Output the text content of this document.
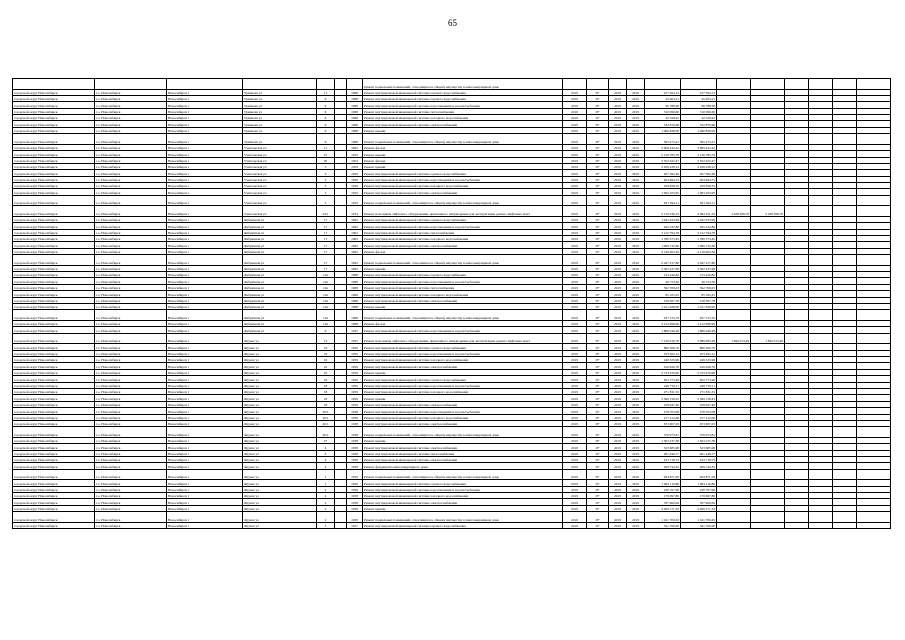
65
							Ремонт подвальных помещений, относящихся к общему имуществу в многоквартирном доме												
городской округ Новосибирск	г.о. Новосибирск	Новосибирск г	Урманова ул	11		1968	Ремонт внутридомовой инженерной системы горячего водоснабжения	2019	II*	2019	2019	917 564,13	917 564,13						
городской округ Новосибирск	г.о. Новосибирск	Новосибирск г	Урманова ул	6		1968	Ремонт внутридомовой инженерной системы горячего водоснабжения	2019	II*	2019	2019	45 903,21	45 903,21						
городской округ Новосибирск	г.о. Новосибирск	Новосибирск г	Урманова ул	6		1968	Ремонт внутридомовой инженерной системы водоотведения и водопотребления	2019	II*	2019	2019	96 788,28	96 788,28						
городской округ Новосибирск	г.о. Новосибирск	Новосибирск г	Урманова ул	6		1968	Ремонт внутридомовой инженерной системы теплоснабжения	2019	II*	2019	2019	310 099,60	310 099,60						
городской округ Новосибирск	г.о. Новосибирск	Новосибирск г	Урманова ул	6		1968	Ремонт внутридомовой инженерной системы холодного водоснабжения	2019	II*	2019	2019	42 528,42	42 528,42						
городской округ Новосибирск	г.о. Новосибирск	Новосибирск г	Урманова ул	6		1968	Ремонт внутридомовой инженерной системы электроснабжения	2019	II*	2019	2019	332 879,68	332 879,68						
городской округ Новосибирск	г.о. Новосибирск	Новосибирск г	Урманова ул	6		1968	Ремонт крыши	2019	II*	2019	2019	1 960 828,09	1 960 828,09						
городской округ Новосибирск	г.о. Новосибирск	Новосибирск г	Урманова ул	6		1968	Ремонт подвальных помещений, относящихся к общему имуществу в многоквартирном доме	2019	II*	2019	2019	395 473,41	395 473,41						
городской округ Новосибирск	г.о. Новосибирск	Новосибирск г	Учительская ул	11		1962	Ремонт фасада	2019	II*	2019	2019	3 609 432,42	3 609 432,42						
городской округ Новосибирск	г.о. Новосибирск	Новосибирск г	Учительская ул	23		1959	Ремонт крыши	2019	II*	2019	2019	2 130 785,79	2 130 785,79						
городской округ Новосибирск	г.о. Новосибирск	Новосибирск г	Учительская ул	20		1954	Ремонт фасада	2019	II*	2019	2019	3 352 025,47	3 352 025,47						
городской округ Новосибирск	г.о. Новосибирск	Новосибирск г	Учительская ул	3		1959	Ремонт крыши	2019	II*	2019	2019	2 456 228,12	2 456 228,12						
городской округ Новосибирск	г.о. Новосибирск	Новосибирск г	Учительская ул	3		1959	Ремонт внутридомовой инженерной системы горячего водоснабжения	2019	II*	2019	2019	207 362,46	207 362,46						
городской округ Новосибирск	г.о. Новосибирск	Новосибирск г	Учительская ул	3		1959	Ремонт внутридомовой инженерной системы водоотведения и водопотребления	2019	II*	2019	2019	404 694,75	404 694,75						
городской округ Новосибирск	г.о. Новосибирск	Новосибирск г	Учительская ул	3		1959	Ремонт внутридомовой инженерной системы холодного водоснабжения	2019	II*	2019	2019	259 658,35	259 658,35						
городской округ Новосибирск	г.о. Новосибирск	Новосибирск г	Учительская ул	3		1959	Ремонт внутридомовой инженерной системы электроснабжения	2019	II*	2019	2019	1 063 103,95	1 063 103,95						
городской округ Новосибирск	г.о. Новосибирск	Новосибирск г	Учительская ул	3		1959	Ремонт подвальных помещений, относящихся к общему имуществу в многоквартирном доме	2019	II*	2019	2019	631 594,11	631 594,11						
городской округ Новосибирск	г.о. Новосибирск	Новосибирск г	Учительская ул	24/1		1974	Ремонт или замена лифтового оборудования, признанного непригодным для эксплуатации, ремонт лифтовых шахт	2019	II*	2019	2019	5 170 236,13	4 692 011,34	2 428 308,79	2 428 308,79				
городской округ Новосибирск	г.о. Новосибирск	Новосибирск г	Фабричная ул	17		1962	Ремонт внутридомовой инженерной системы горячего водоснабжения	2019	II*	2019	2019	1 041 933,99	1 041 933,99						
городской округ Новосибирск	г.о. Новосибирск	Новосибирск г	Фабричная ул	17		1962	Ремонт внутридомовой инженерной системы водоотведения и водопотребления	2019	II*	2019	2019	945 332,86	945 332,86						
городской округ Новосибирск	г.о. Новосибирск	Новосибирск г	Фабричная ул	17		1962	Ремонт внутридомовой инженерной системы теплоснабжения	2019	II*	2019	2019	3 212 794,78	3 212 794,78						
городской округ Новосибирск	г.о. Новосибирск	Новосибирск г	Фабричная ул	17		1962	Ремонт внутридомовой инженерной системы холодного водоснабжения	2019	II*	2019	2019	1 780 373,45	1 780 373,45						
городской округ Новосибирск	г.о. Новосибирск	Новосибирск г	Фабричная ул	17		1962	Ремонт внутридомовой инженерной системы электроснабжения	2019	II*	2019	2019	1 999 132,66	1 999 132,66						
городской округ Новосибирск	г.о. Новосибирск	Новосибирск г	Фабричная ул	17		1962	Ремонт фасада	2019	II*	2019	2019	4 136 903,36	4 136 903,36						
городской округ Новосибирск	г.о. Новосибирск	Новосибирск г	Фабричная ул	17		1962	Ремонт подвальных помещений, относящихся к общему имуществу в многоквартирном доме	2019	II*	2019	2019	2 047 417,86	2 047 417,86						
городской округ Новосибирск	г.о. Новосибирск	Новосибирск г	Фабричная ул	17		1962	Ремонт крыши	2019	II*	2019	2019	3 302 437,69	3 302 437,69						
городской округ Новосибирск	г.о. Новосибирск	Новосибирск г	Фабричная ул	19а		1968	Ремонт внутридомовой инженерной системы горячего водоснабжения	2019	II*	2019	2019	153 426,82	153 426,82						
городской округ Новосибирск	г.о. Новосибирск	Новосибирск г	Фабричная ул	19а		1968	Ремонт внутридомовой инженерной системы водоотведения и водопотребления	2019	II*	2019	2019	49 753,56	49 753,56						
городской округ Новосибирск	г.о. Новосибирск	Новосибирск г	Фабричная ул	19а		1968	Ремонт внутридомовой инженерной системы теплоснабжения	2019	II*	2019	2019	392 709,03	392 709,03						
городской округ Новосибирск	г.о. Новосибирск	Новосибирск г	Фабричная ул	19а		1968	Ремонт внутридомовой инженерной системы холодного водоснабжения	2019	II*	2019	2019	85 165,25	85 165,25						
городской округ Новосибирск	г.о. Новосибирск	Новосибирск г	Фабричная ул	19а		1968	Ремонт внутридомовой инженерной системы электроснабжения	2019	II*	2019	2019	218 367,78	218 367,78						
городской округ Новосибирск	г.о. Новосибирск	Новосибирск г	Фабричная ул	19а		1968	Ремонт крыши	2019	II*	2019	2019	1 101 628,96	1 101 628,96						
городской округ Новосибирск	г.о. Новосибирск	Новосибирск г	Фабричная ул	19а		1968	Ремонт подвальных помещений, относящихся к общему имуществу в многоквартирном доме	2019	II*	2019	2019	937 313,79	937 313,79						
городской округ Новосибирск	г.о. Новосибирск	Новосибирск г	Фабричная ул	19а		1968	Ремонт фасада	2019	II*	2019	2019	3 212 998,96	3 212 998,96						
городской округ Новосибирск	г.о. Новосибирск	Новосибирск г	Фабричная ул	6		1935	Ремонт внутридомовой инженерной системы водоотведения и водопотребления	2019	II*	2019	2019	1 866 046,48	1 866 046,48						
городской округ Новосибирск	г.о. Новосибирск	Новосибирск г	Фрунзе ул	12		1955	Ремонт или замена лифтового оборудования, признанного непригодным для эксплуатации, ремонт лифтовых шахт	2019	II*	2019	2019	7 120 016,78	3 989 083,28	1 842 013,49	1 842 013,49				
городской округ Новосибирск	г.о. Новосибирск	Новосибирск г	Фрунзе ул	16		1959	Ремонт внутридомовой инженерной системы горячего водоснабжения	2019	II*	2019	2019	890 366,76	890 366,76						
городской округ Новосибирск	г.о. Новосибирск	Новосибирск г	Фрунзе ул	16		1959	Ремонт внутридомовой инженерной системы водоотведения и водопотребления	2019	II*	2019	2019	453 362,12	453 362,12						
городской округ Новосибирск	г.о. Новосибирск	Новосибирск г	Фрунзе ул	16		1959	Ремонт внутридомовой инженерной системы холодного водоснабжения	2019	II*	2019	2019	249 325,96	249 325,96						
городской округ Новосибирск	г.о. Новосибирск	Новосибирск г	Фрунзе ул	16		1959	Ремонт внутридомовой инженерной системы электроснабжения	2019	II*	2019	2019	616 626,76	616 626,76						
городской округ Новосибирск	г.о. Новосибирск	Новосибирск г	Фрунзе ул	16		1959	Ремонт крыши	2019	II*	2019	2019	3 723 476,90	3 723 476,90						
городской округ Новосибирск	г.о. Новосибирск	Новосибирск г	Фрунзе ул	18		1959	Ремонт внутридомовой инженерной системы горячего водоснабжения	2019	II*	2019	2019	652 773,26	652 773,26						
городской округ Новосибирск	г.о. Новосибирск	Новосибирск г	Фрунзе ул	18		1959	Ремонт внутридомовой инженерной системы водоотведения и водопотребления	2019	II*	2019	2019	249 776,11	249 776,11						
городской округ Новосибирск	г.о. Новосибирск	Новосибирск г	Фрунзе ул	18		1959	Ремонт внутридомовой инженерной системы холодного водоснабжения	2019	II*	2019	2019	271 831,55	271 831,55						
городской округ Новосибирск	г.о. Новосибирск	Новосибирск г	Фрунзе ул	18		1959	Ремонт крыши	2019	II*	2019	2019	3 569 158,43	3 569 158,43						
городской округ Новосибирск	г.о. Новосибирск	Новосибирск г	Фрунзе ул	18		1959	Ремонт внутридомовой инженерной системы электроснабжения	2019	II*	2019	2019	258 947,40	258 947,40						
городской округ Новосибирск	г.о. Новосибирск	Новосибирск г	Фрунзе ул	20/1		1938	Ремонт внутридомовой инженерной системы водоотведения и водопотребления	2019	II*	2019	2019	278 703,08	278 703,08						
городской округ Новосибирск	г.о. Новосибирск	Новосибирск г	Фрунзе ул	20/1		1938	Ремонт внутридомовой инженерной системы холодного водоснабжения	2019	II*	2019	2019	277 412,06	277 412,06						
городской округ Новосибирск	г.о. Новосибирск	Новосибирск г	Фрунзе ул	20/1		1938	Ремонт внутридомовой инженерной системы электроснабжения	2019	II*	2019	2019	673 907,03	673 907,03						
городской округ Новосибирск	г.о. Новосибирск	Новосибирск г	Фрунзе ул	20/1		1938	Ремонт подвальных помещений, относящихся к общему имуществу в многоквартирном доме	2019	II*	2019	2019	376 973,81	376 973,81						
городской округ Новосибирск	г.о. Новосибирск	Новосибирск г	Фрунзе ул	27		1938	Ремонт крыши	2019	II*	2019	2019	1 303 237,38	1 303 237,38						
городской округ Новосибирск	г.о. Новосибирск	Новосибирск г	Фрунзе ул	4		1958	Ремонт внутридомовой инженерной системы электроснабжения	2019	II*	2019	2019	523 685,98	523 685,98						
городской округ Новосибирск	г.о. Новосибирск	Новосибирск г	Фрунзе ул	4		1958	Ремонт внутридомовой инженерной системы теплоснабжения	2019	II*	2019	2019	401 446,77	401 446,77						
городской округ Новосибирск	г.о. Новосибирск	Новосибирск г	Фрунзе ул	4		1958	Ремонт внутридомовой инженерной системы электроснабжения	2019	II*	2019	2019	613 718,73	613 718,73						
городской округ Новосибирск	г.о. Новосибирск	Новосибирск г	Фрунзе ул	4		1958	Ремонт фундамента многоквартирного дома	2019	II*	2019	2019	209 744,35	209 744,35						
городской округ Новосибирск	г.о. Новосибирск	Новосибирск г	Фрунзе ул	1		1959	Ремонт подвальных помещений, относящихся к общему имуществу в многоквартирном доме	2019	II*	2019	2019	924 871,09	924 871,09						
городской округ Новосибирск	г.о. Новосибирск	Новосибирск г	Фрунзе ул	1		1959	Ремонт внутридомовой инженерной системы горячего водоснабжения	2019	II*	2019	2019	1 004 116,86	1 004 116,86						
городской округ Новосибирск	г.о. Новосибирск	Новосибирск г	Фрунзе ул	2		1958	Ремонт внутридомовой инженерной системы водоотведения и водопотребления	2019	II*	2019	2019	230 767,96	230 767,96						
городской округ Новосибирск	г.о. Новосибирск	Новосибирск г	Фрунзе ул	2		1958	Ремонт внутридомовой инженерной системы холодного водоснабжения	2019	II*	2019	2019	179 697,80	179 697,80						
городской округ Новосибирск	г.о. Новосибирск	Новосибирск г	Фрунзе ул	2		1958	Ремонт внутридомовой инженерной системы электроснабжения	2019	II*	2019	2019	767 900,09	767 900,09						
городской округ Новосибирск	г.о. Новосибирск	Новосибирск г	Фрунзе ул	2		1958	Ремонт крыши	2019	II*	2019	2019	4 209 171,32	4 209 171,32						
городской округ Новосибирск	г.о. Новосибирск	Новосибирск г	Фрунзе ул	2		1958	Ремонт подвальных помещений, относящихся к общему имуществу в многоквартирном доме	2019	II*	2019	2019	1 161 709,63	1 161 709,63						
городской округ Новосибирск	г.о. Новосибирск	Новосибирск г	Фрунзе ул	3		1957	Ремонт внутридомовой инженерной системы горячего водоснабжения	2019	II*	2019	2019	541 700,90	541 700,90						
